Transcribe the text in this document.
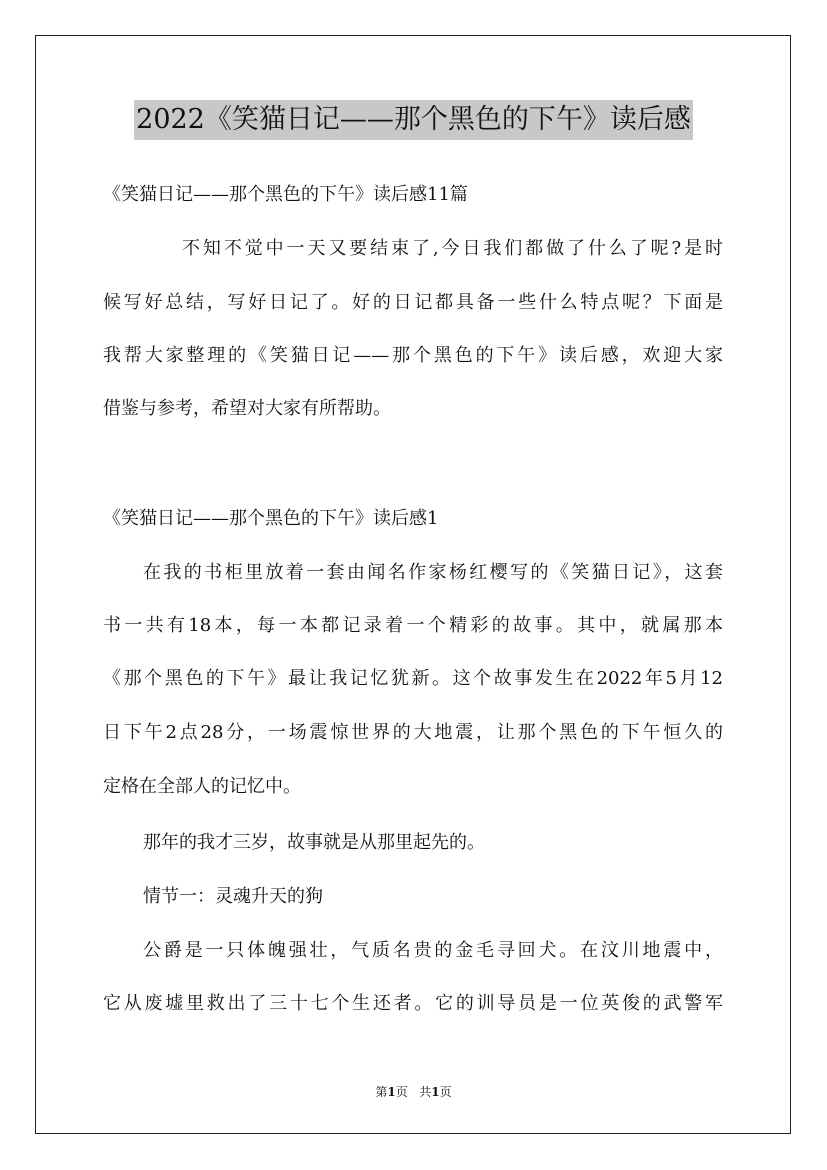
2022《笑猫日记——那个黑色的下午》读后感
《笑猫日记——那个黑色的下午》读后感11篇
不知不觉中一天又要结束了,今日我们都做了什么了呢?是时
候写好总结，写好日记了。好的日记都具备一些什么特点呢？下面是
我帮大家整理的《笑猫日记——那个黑色的下午》读后感，欢迎大家
借鉴与参考，希望对大家有所帮助。
《笑猫日记——那个黑色的下午》读后感1
在我的书柜里放着一套由闻名作家杨红樱写的《笑猫日记》，这套
书一共有18本，每一本都记录着一个精彩的故事。其中，就属那本
《那个黑色的下午》最让我记忆犹新。这个故事发生在2022年5月12
日下午2点28分，一场震惊世界的大地震，让那个黑色的下午恒久的
定格在全部人的记忆中。
那年的我才三岁，故事就是从那里起先的。
情节一：灵魂升天的狗
公爵是一只体魄强壮，气质名贵的金毛寻回犬。在汶川地震中，
它从废墟里救出了三十七个生还者。它的训导员是一位英俊的武警军
第1页 共1页
